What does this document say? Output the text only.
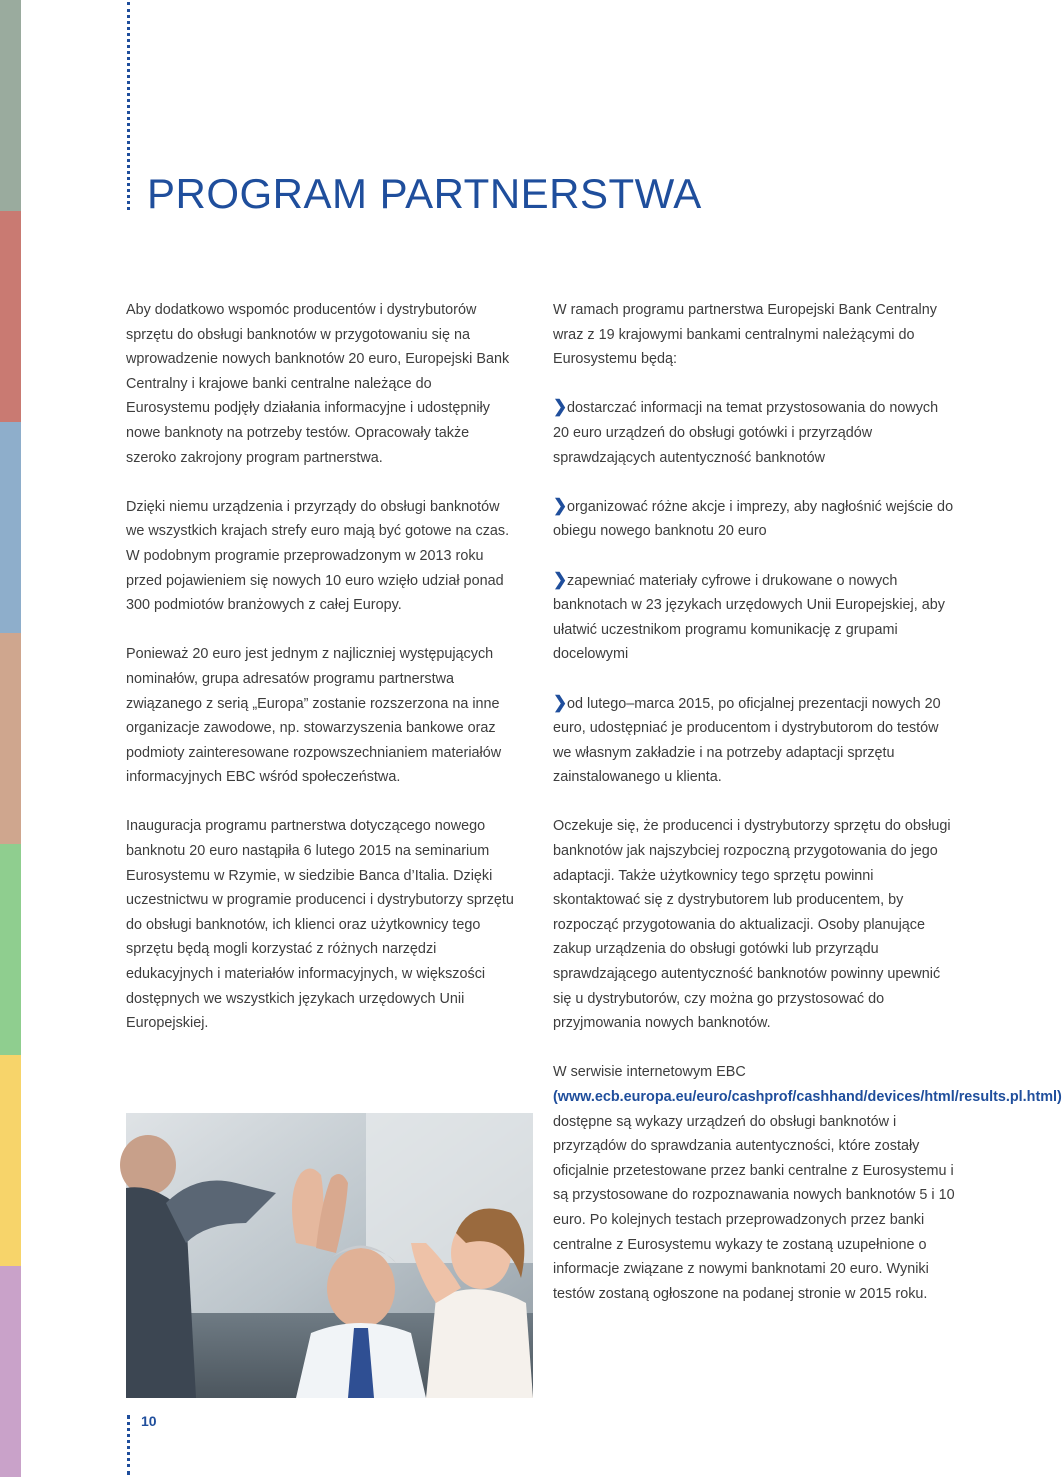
PROGRAM PARTNERSTWA

Aby dodatkowo wspomóc producentów i dystrybutorów sprzętu do obsługi banknotów w przygotowaniu się na wprowadzenie nowych banknotów 20 euro, Europejski Bank Centralny i krajowe banki centralne należące do Eurosystemu podjęły działania informacyjne i udostępniły nowe banknoty na potrzeby testów. Opracowały także szeroko zakrojony program partnerstwa.

Dzięki niemu urządzenia i przyrządy do obsługi banknotów we wszystkich krajach strefy euro mają być gotowe na czas. W podobnym programie przeprowadzonym w 2013 roku przed pojawieniem się nowych 10 euro wzięło udział ponad 300 podmiotów branżowych z całej Europy.

Ponieważ 20 euro jest jednym z najliczniej występujących nominałów, grupa adresatów programu partnerstwa związanego z serią „Europa” zostanie rozszerzona na inne organizacje zawodowe, np. stowarzyszenia bankowe oraz podmioty zainteresowane rozpowszechnianiem materiałów informacyjnych EBC wśród społeczeństwa.

Inauguracja programu partnerstwa dotyczącego nowego banknotu 20 euro nastąpiła 6 lutego 2015 na seminarium Eurosystemu w Rzymie, w siedzibie Banca d’Italia. Dzięki uczestnictwu w programie producenci i dystrybutorzy sprzętu do obsługi banknotów, ich klienci oraz użytkownicy tego sprzętu będą mogli korzystać z różnych narzędzi edukacyjnych i materiałów informacyjnych, w większości dostępnych we wszystkich językach urzędowych Unii Europejskiej.

W ramach programu partnerstwa Europejski Bank Centralny wraz z 19 krajowymi bankami centralnymi należącymi do Eurosystemu będą:

❯dostarczać informacji na temat przystosowania do nowych 20 euro urządzeń do obsługi gotówki i przyrządów sprawdzających autentyczność banknotów

❯organizować różne akcje i imprezy, aby nagłośnić wejście do obiegu nowego banknotu 20 euro

❯zapewniać materiały cyfrowe i drukowane o nowych banknotach w 23 językach urzędowych Unii Europejskiej, aby ułatwić uczestnikom programu komunikację z grupami docelowymi

❯od lutego–marca 2015, po oficjalnej prezentacji nowych 20 euro, udostępniać je producentom i dystrybutorom do testów we własnym zakładzie i na potrzeby adaptacji sprzętu zainstalowanego u klienta.

Oczekuje się, że producenci i dystrybutorzy sprzętu do obsługi banknotów jak najszybciej rozpoczną przygotowania do jego adaptacji. Także użytkownicy tego sprzętu powinni skontaktować się z dystrybutorem lub producentem, by rozpocząć przygotowania do aktualizacji. Osoby planujące zakup urządzenia do obsługi gotówki lub przyrządu sprawdzającego autentyczność banknotów powinny upewnić się u dystrybutorów, czy można go przystosować do przyjmowania nowych banknotów.

W serwisie internetowym EBC (www.ecb.europa.eu/euro/cashprof/cashhand/devices/html/results.pl.html) dostępne są wykazy urządzeń do obsługi banknotów i przyrządów do sprawdzania autentyczności, które zostały oficjalnie przetestowane przez banki centralne z Eurosystemu i są przystosowane do rozpoznawania nowych banknotów 5 i 10 euro. Po kolejnych testach przeprowadzonych przez banki centralne z Eurosystemu wykazy te zostaną uzupełnione o informacje związane z nowymi banknotami 20 euro. Wyniki testów zostaną ogłoszone na podanej stronie w 2015 roku.

10
